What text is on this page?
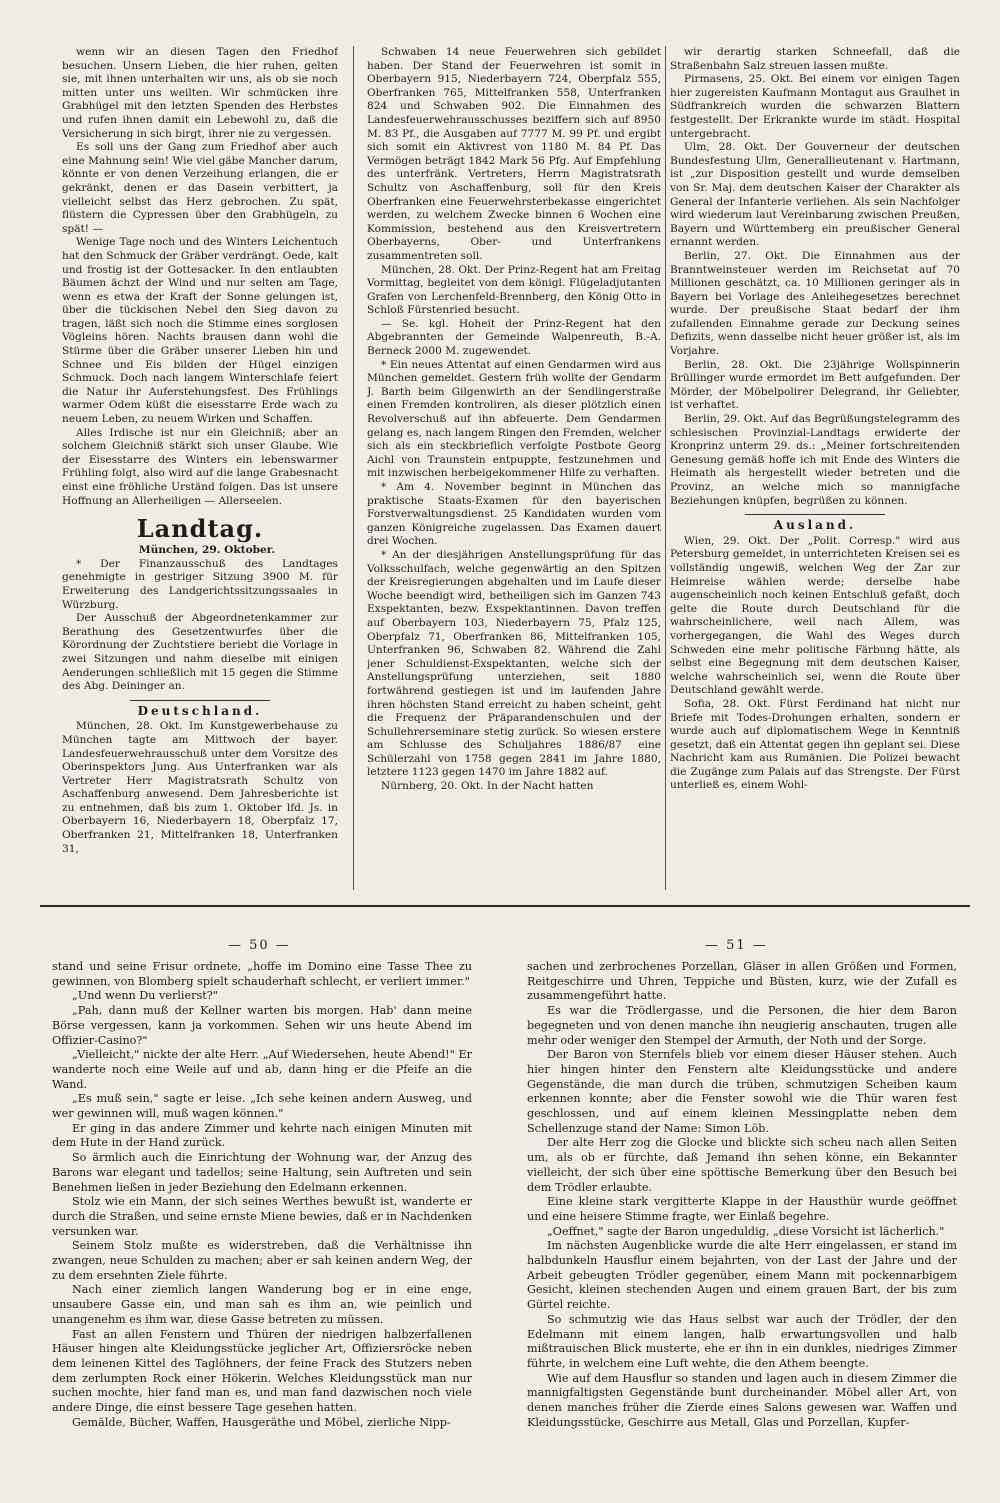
wenn wir an diesen Tagen den Friedhof besuchen. Unsern Lieben, die hier ruhen, gelten sie, mit ihnen unterhalten wir uns, als ob sie noch mitten unter uns weilten. Wir schmücken ihre Grabhügel mit den letzten Spenden des Herbstes und rufen ihnen damit ein Lebewohl zu, daß die Versicherung in sich birgt, ihrer nie zu vergessen.

Es soll uns der Gang zum Friedhof aber auch eine Mahnung sein! Wie viel gäbe Mancher darum, könnte er von denen Verzeihung erlangen, die er gekränkt, denen er das Dasein verbittert, ja vielleicht selbst das Herz gebrochen. Zu spät, flüstern die Cypressen über den Grabhügeln, zu spät! —

Wenige Tage noch und des Winters Leichentuch hat den Schmuck der Gräber verdrängt. Oede, kalt und frostig ist der Gottesacker. In den entlaubten Bäumen ächzt der Wind und nur selten am Tage, wenn es etwa der Kraft der Sonne gelungen ist, über die tückischen Nebel den Sieg davon zu tragen, läßt sich noch die Stimme eines sorglosen Vögleins hören. Nachts brausen dann wohl die Stürme über die Gräber unserer Lieben hin und Schnee und Eis bilden der Hügel einzigen Schmuck. Doch nach langem Winterschlafe feiert die Natur ihr Auferstehungsfest. Des Frühlings warmer Odem küßt die eisesstarre Erde wach zu neuem Leben, zu neuem Wirken und Schaffen.

Alles Irdische ist nur ein Gleichniß; aber an solchem Gleichniß stärkt sich unser Glaube. Wie der Eisesstarre des Winters ein lebenswarmer Frühling folgt, also wird auf die lange Grabesnacht einst eine fröhliche Urständ folgen. Das ist unsere Hoffnung an Allerheiligen — Allerseelen.

Landtag.

München, 29. Oktober.

* Der Finanzausschuß des Landtages genehmigte in gestriger Sitzung 3900 M. für Erweiterung des Landgerichtssitzungssaales in Würzburg.

Der Ausschuß der Abgeordnetenkammer zur Berathung des Gesetzentwurfes über die Körordnung der Zuchtstiere beriebt die Vorlage in zwei Sitzungen und nahm dieselbe mit einigen Aenderungen schließlich mit 15 gegen die Stimme des Abg. Deininger an.

Deutschland.

München, 28. Okt. Im Kunstgewerbehause zu München tagte am Mittwoch der bayer. Landesfeuerwehrausschuß unter dem Vorsitze des Oberinspektors Jung. Aus Unterfranken war als Vertreter Herr Magistratsrath Schultz von Aschaffenburg anwesend. Dem Jahresberichte ist zu entnehmen, daß bis zum 1. Oktober lfd. Js. in Oberbayern 16, Niederbayern 18, Oberpfalz 17, Oberfranken 21, Mittelfranken 18, Unterfranken 31,

Schwaben 14 neue Feuerwehren sich gebildet haben. Der Stand der Feuerwehren ist somit in Oberbayern 915, Niederbayern 724, Oberpfalz 555, Oberfranken 765, Mittelfranken 558, Unterfranken 824 und Schwaben 902. Die Einnahmen des Landesfeuerwehrausschusses beziffern sich auf 8950 M. 83 Pf., die Ausgaben auf 7777 M. 99 Pf. und ergibt sich somit ein Aktivrest von 1180 M. 84 Pf. Das Vermögen beträgt 1842 Mark 56 Pfg. Auf Empfehlung des unterfränk. Vertreters, Herrn Magistratsrath Schultz von Aschaffenburg, soll für den Kreis Oberfranken eine Feuerwehrsterbekasse eingerichtet werden, zu welchem Zwecke binnen 6 Wochen eine Kommission, bestehend aus den Kreisvertretern Oberbayerns, Ober- und Unterfrankens zusammentreten soll.

München, 28. Okt. Der Prinz-Regent hat am Freitag Vormittag, begleitet von dem königl. Flügeladjutanten Grafen von Lerchenfeld-Brennberg, den König Otto in Schloß Fürstenried besucht.

— Se. kgl. Hoheit der Prinz-Regent hat den Abgebrannten der Gemeinde Walpenreuth, B.-A. Berneck 2000 M. zugewendet.

* Ein neues Attentat auf einen Gendarmen wird aus München gemeldet. Gestern früh wollte der Gendarm J. Barth beim Gilgenwirth an der Sendlingerstraße einen Fremden kontroliren, als dieser plötzlich einen Revolverschuß auf ihn abfeuerte. Dem Gendarmen gelang es, nach langem Ringen den Fremden, welcher sich als ein steckbrieflich verfolgte Postbote Georg Aichl von Traunstein entpuppte, festzunehmen und mit inzwischen herbeigekommener Hilfe zu verhaften.

* Am 4. November beginnt in München das praktische Staats-Examen für den bayerischen Forstverwaltungsdienst. 25 Kandidaten wurden vom ganzen Königreiche zugelassen. Das Examen dauert drei Wochen.

* An der diesjährigen Anstellungsprüfung für das Volksschulfach, welche gegenwärtig an den Spitzen der Kreisregierungen abgehalten und im Laufe dieser Woche beendigt wird, betheiligen sich im Ganzen 743 Exspektanten, bezw. Exspektantinnen. Davon treffen auf Oberbayern 103, Niederbayern 75, Pfalz 125, Oberpfalz 71, Oberfranken 86, Mittelfranken 105, Unterfranken 96, Schwaben 82. Während die Zahl jener Schuldienst-Exspektanten, welche sich der Anstellungsprüfung unterziehen, seit 1880 fortwährend gestiegen ist und im laufenden Jahre ihren höchsten Stand erreicht zu haben scheint, geht die Frequenz der Präparandenschulen und der Schullehrerseminare stetig zurück. So wiesen erstere am Schlusse des Schuljahres 1886/87 eine Schülerzahl von 1758 gegen 2841 im Jahre 1880, letztere 1123 gegen 1470 im Jahre 1882 auf.

Nürnberg, 20. Okt. In der Nacht hatten

wir derartig starken Schneefall, daß die Straßenbahn Salz streuen lassen mußte.

Pirmasens, 25. Okt. Bei einem vor einigen Tagen hier zugereisten Kaufmann Montagut aus Graulhet in Südfrankreich wurden die schwarzen Blattern festgestellt. Der Erkrankte wurde im städt. Hospital untergebracht.

Ulm, 28. Okt. Der Gouverneur der deutschen Bundesfestung Ulm, Generallieutenant v. Hartmann, ist „zur Disposition gestellt und wurde demselben von Sr. Maj. dem deutschen Kaiser der Charakter als General der Infanterie verliehen. Als sein Nachfolger wird wiederum laut Vereinbarung zwischen Preußen, Bayern und Württemberg ein preußischer General ernannt werden.

Berlin, 27. Okt. Die Einnahmen aus der Branntweinsteuer werden im Reichsetat auf 70 Millionen geschätzt, ca. 10 Millionen geringer als in Bayern bei Vorlage des Anleihegesetzes berechnet wurde. Der preußische Staat bedarf der ihm zufallenden Einnahme gerade zur Deckung seines Defizits, wenn dasselbe nicht heuer größer ist, als im Vorjahre.

Berlin, 28. Okt. Die 23jährige Wollspinnerin Brüllinger wurde ermordet im Bett aufgefunden. Der Mörder, der Möbelpolirer Delegrand, ihr Geliebter, ist verhaftet.

Berlin, 29. Okt. Auf das Begrüßungstelegramm des schlesischen Provinzial-Landtags erwiderte der Kronprinz unterm 29. ds.: „Meiner fortschreitenden Genesung gemäß hoffe ich mit Ende des Winters die Heimath als hergestellt wieder betreten und die Provinz, an welche mich so mannigfache Beziehungen knüpfen, begrüßen zu können.

Ausland.

Wien, 29. Okt. Der „Polit. Corresp." wird aus Petersburg gemeldet, in unterrichteten Kreisen sei es vollständig ungewiß, welchen Weg der Zar zur Heimreise wählen werde; derselbe habe augenscheinlich noch keinen Entschluß gefaßt, doch gelte die Route durch Deutschland für die wahrscheinlichere, weil nach Allem, was vorhergegangen, die Wahl des Weges durch Schweden eine mehr politische Färbung hätte, als selbst eine Begegnung mit dem deutschen Kaiser, welche wahrscheinlich sei, wenn die Route über Deutschland gewählt werde.

Sofia, 28. Okt. Fürst Ferdinand hat nicht nur Briefe mit Todes-Drohungen erhalten, sondern er wurde auch auf diplomatischem Wege in Kenntniß gesetzt, daß ein Attentat gegen ihn geplant sei. Diese Nachricht kam aus Rumänien. Die Polizei bewacht die Zugänge zum Palais auf das Strengste. Der Fürst unterließ es, einem Wohl-

— 50 —	— 51 —

stand und seine Frisur ordnete, „hoffe im Domino eine Tasse Thee zu gewinnen, von Blomberg spielt schauderhaft schlecht, er verliert immer."

„Und wenn Du verlierst?"

„Pah, dann muß der Kellner warten bis morgen. Hab' dann meine Börse vergessen, kann ja vorkommen. Sehen wir uns heute Abend im Offizier-Casino?"

„Vielleicht," nickte der alte Herr. „Auf Wiedersehen, heute Abend!" Er wanderte noch eine Weile auf und ab, dann hing er die Pfeife an die Wand.

„Es muß sein," sagte er leise. „Ich sehe keinen andern Ausweg, und wer gewinnen will, muß wagen können."

Er ging in das andere Zimmer und kehrte nach einigen Minuten mit dem Hute in der Hand zurück.

So ärmlich auch die Einrichtung der Wohnung war, der Anzug des Barons war elegant und tadellos; seine Haltung, sein Auftreten und sein Benehmen ließen in jeder Beziehung den Edelmann erkennen.

Stolz wie ein Mann, der sich seines Werthes bewußt ist, wanderte er durch die Straßen, und seine ernste Miene bewies, daß er in Nachdenken versunken war.

Seinem Stolz mußte es widerstreben, daß die Verhältnisse ihn zwangen, neue Schulden zu machen; aber er sah keinen andern Weg, der zu dem ersehnten Ziele führte.

Nach einer ziemlich langen Wanderung bog er in eine enge, unsaubere Gasse ein, und man sah es ihm an, wie peinlich und unangenehm es ihm war, diese Gasse betreten zu müssen.

Fast an allen Fenstern und Thüren der niedrigen halbzerfallenen Häuser hingen alte Kleidungsstücke jeglicher Art, Offiziersröcke neben dem leinenen Kittel des Taglöhners, der feine Frack des Stutzers neben dem zerlumpten Rock einer Hökerin. Welches Kleidungsstück man nur suchen mochte, hier fand man es, und man fand dazwischen noch viele andere Dinge, die einst bessere Tage gesehen hatten.

Gemälde, Bücher, Waffen, Hausgeräthe und Möbel, zierliche Nipp-

sachen und zerbrochenes Porzellan, Gläser in allen Größen und Formen, Reitgeschirre und Uhren, Teppiche und Büsten, kurz, wie der Zufall es zusammengeführt hatte.

Es war die Trödlergasse, und die Personen, die hier dem Baron begegneten und von denen manche ihn neugierig anschauten, trugen alle mehr oder weniger den Stempel der Armuth, der Noth und der Sorge.

Der Baron von Sternfels blieb vor einem dieser Häuser stehen. Auch hier hingen hinter den Fenstern alte Kleidungsstücke und andere Gegenstände, die man durch die trüben, schmutzigen Scheiben kaum erkennen konnte; aber die Fenster sowohl wie die Thür waren fest geschlossen, und auf einem kleinen Messingplatte neben dem Schellenzuge stand der Name: Simon Löb.

Der alte Herr zog die Glocke und blickte sich scheu nach allen Seiten um, als ob er fürchte, daß Jemand ihn sehen könne, ein Bekannter vielleicht, der sich über eine spöttische Bemerkung über den Besuch bei dem Trödler erlaubte.

Eine kleine stark vergitterte Klappe in der Hausthür wurde geöffnet und eine heisere Stimme fragte, wer Einlaß begehre.

„Oeffnet," sagte der Baron ungeduldig, „diese Vorsicht ist lächerlich."

Im nächsten Augenblicke wurde die alte Herr eingelassen, er stand im halbdunkeln Hausflur einem bejahrten, von der Last der Jahre und der Arbeit gebeugten Trödler gegenüber, einem Mann mit pockennarbigem Gesicht, kleinen stechenden Augen und einem grauen Bart, der bis zum Gürtel reichte.

So schmutzig wie das Haus selbst war auch der Trödler, der den Edelmann mit einem langen, halb erwartungsvollen und halb mißtrauischen Blick musterte, ehe er ihn in ein dunkles, niedriges Zimmer führte, in welchem eine Luft wehte, die den Athem beengte.

Wie auf dem Hausflur so standen und lagen auch in diesem Zimmer die mannigfaltigsten Gegenstände bunt durcheinander. Möbel aller Art, von denen manches früher die Zierde eines Salons gewesen war. Waffen und Kleidungsstücke, Geschirre aus Metall, Glas und Porzellan, Kupfer-
